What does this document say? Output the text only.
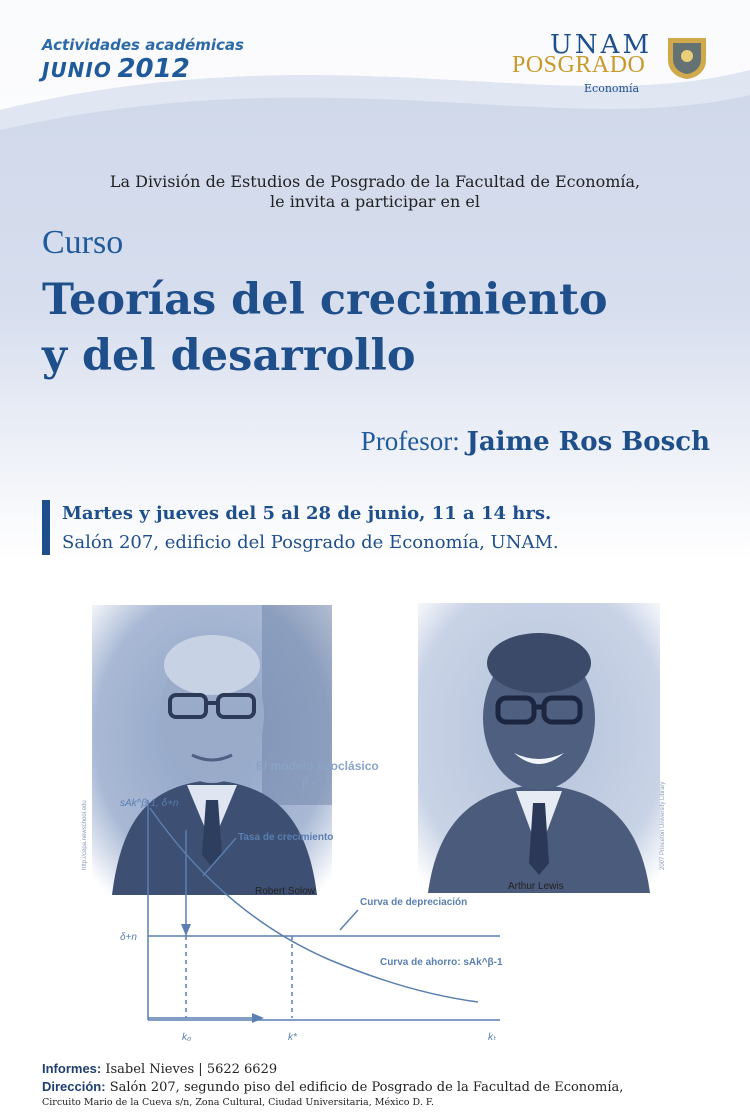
Actividades académicas
JUNIO 2012
UNAM
POSGRADO
Economía
La División de Estudios de Posgrado de la Facultad de Economía,
le invita a participar en el
Curso
Teorías del crecimiento
y del desarrollo
Profesor: Jaime Ros Bosch
Martes y jueves del 5 al 28 de junio, 11 a 14 hrs.
Salón 207, edificio del Posgrado de Economía, UNAM.
Robert Solow
http://cepa.newschool.edu
Arthur Lewis
2007 Princeton University Library
El modelo neoclásico
β < 1
sAk^β-1, δ+n
Tasa de crecimiento
Curva de depreciación
Curva de ahorro: sAk^β-1
δ+n
k₀	k*	kₜ
Informes: Isabel Nieves | 5622 6629
Dirección: Salón 207, segundo piso del edificio de Posgrado de la Facultad de Economía,
Circuito Mario de la Cueva s/n, Zona Cultural, Ciudad Universitaria, México D. F.
